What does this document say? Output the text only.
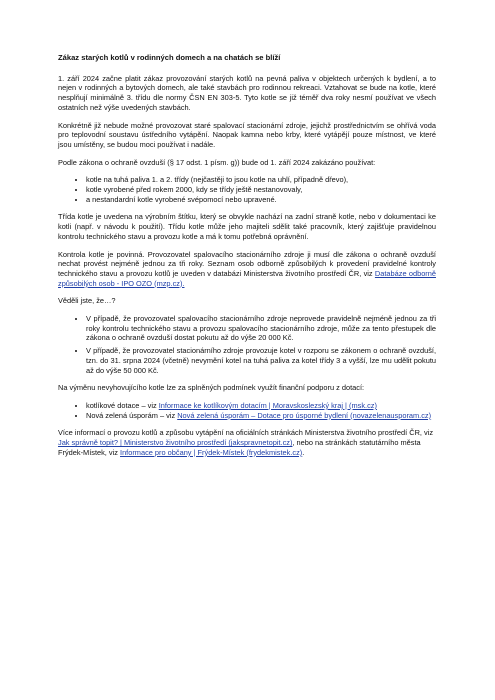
Zákaz starých kotlů v rodinných domech a na chatách se blíží

1. září 2024 začne platit zákaz provozování starých kotlů na pevná paliva v objektech určených k bydlení, a to nejen v rodinných a bytových domech, ale také stavbách pro rodinnou rekreaci. Vztahovat se bude na kotle, které nesplňují minimálně 3. třídu dle normy ČSN EN 303-5. Tyto kotle se již téměř dva roky nesmí používat ve všech ostatních než výše uvedených stavbách.

Konkrétně již nebude možné provozovat staré spalovací stacionární zdroje, jejichž prostřednictvím se ohřívá voda pro teplovodní soustavu ústředního vytápění. Naopak kamna nebo krby, které vytápějí pouze místnost, ve které jsou umístěny, se budou moci používat i nadále.

Podle zákona o ochraně ovzduší (§ 17 odst. 1 písm. g)) bude od 1. září 2024 zakázáno používat:

• kotle na tuhá paliva 1. a 2. třídy (nejčastěji to jsou kotle na uhlí, případně dřevo),
• kotle vyrobené před rokem 2000, kdy se třídy ještě nestanovovaly,
• a nestandardní kotle vyrobené svépomocí nebo upravené.

Třída kotle je uvedena na výrobním štítku, který se obvykle nachází na zadní straně kotle, nebo v dokumentaci ke kotli (např. v návodu k použití). Třídu kotle může jeho majiteli sdělit také pracovník, který zajišťuje pravidelnou kontrolu technického stavu a provozu kotle a má k tomu potřebná oprávnění.

Kontrola kotle je povinná. Provozovatel spalovacího stacionárního zdroje ji musí dle zákona o ochraně ovzduší nechat provést nejméně jednou za tři roky. Seznam osob odborně způsobilých k provedení pravidelné kontroly technického stavu a provozu kotlů je uveden v databázi Ministerstva životního prostředí ČR, viz Databáze odborně způsobilých osob - IPO OZO (mzp.cz).

Věděli jste, že…?

• V případě, že provozovatel spalovacího stacionárního zdroje neprovede pravidelně nejméně jednou za tři roky kontrolu technického stavu a provozu spalovacího stacionárního zdroje, může za tento přestupek dle zákona o ochraně ovzduší dostat pokutu až do výše 20 000 Kč.
• V případě, že provozovatel stacionárního zdroje provozuje kotel v rozporu se zákonem o ochraně ovzduší, tzn. do 31. srpna 2024 (včetně) nevymění kotel na tuhá paliva za kotel třídy 3 a vyšší, lze mu udělit pokutu až do výše 50 000 Kč.

Na výměnu nevyhovujícího kotle lze za splněných podmínek využít finanční podporu z dotací:

• kotlíkové dotace – viz Informace ke kotlíkovým dotacím | Moravskoslezský kraj | (msk.cz)
• Nová zelená úsporám – viz Nová zelená úsporám – Dotace pro úsporné bydlení (novazelenausporam.cz)

Více informací o provozu kotlů a způsobu vytápění na oficiálních stránkách Ministerstva životního prostředí ČR, viz Jak správně topit? | Ministerstvo životního prostředí (jakspravnetopit.cz), nebo na stránkách statutárního města Frýdek-Místek, viz Informace pro občany | Frýdek-Místek (frydekmistek.cz).
